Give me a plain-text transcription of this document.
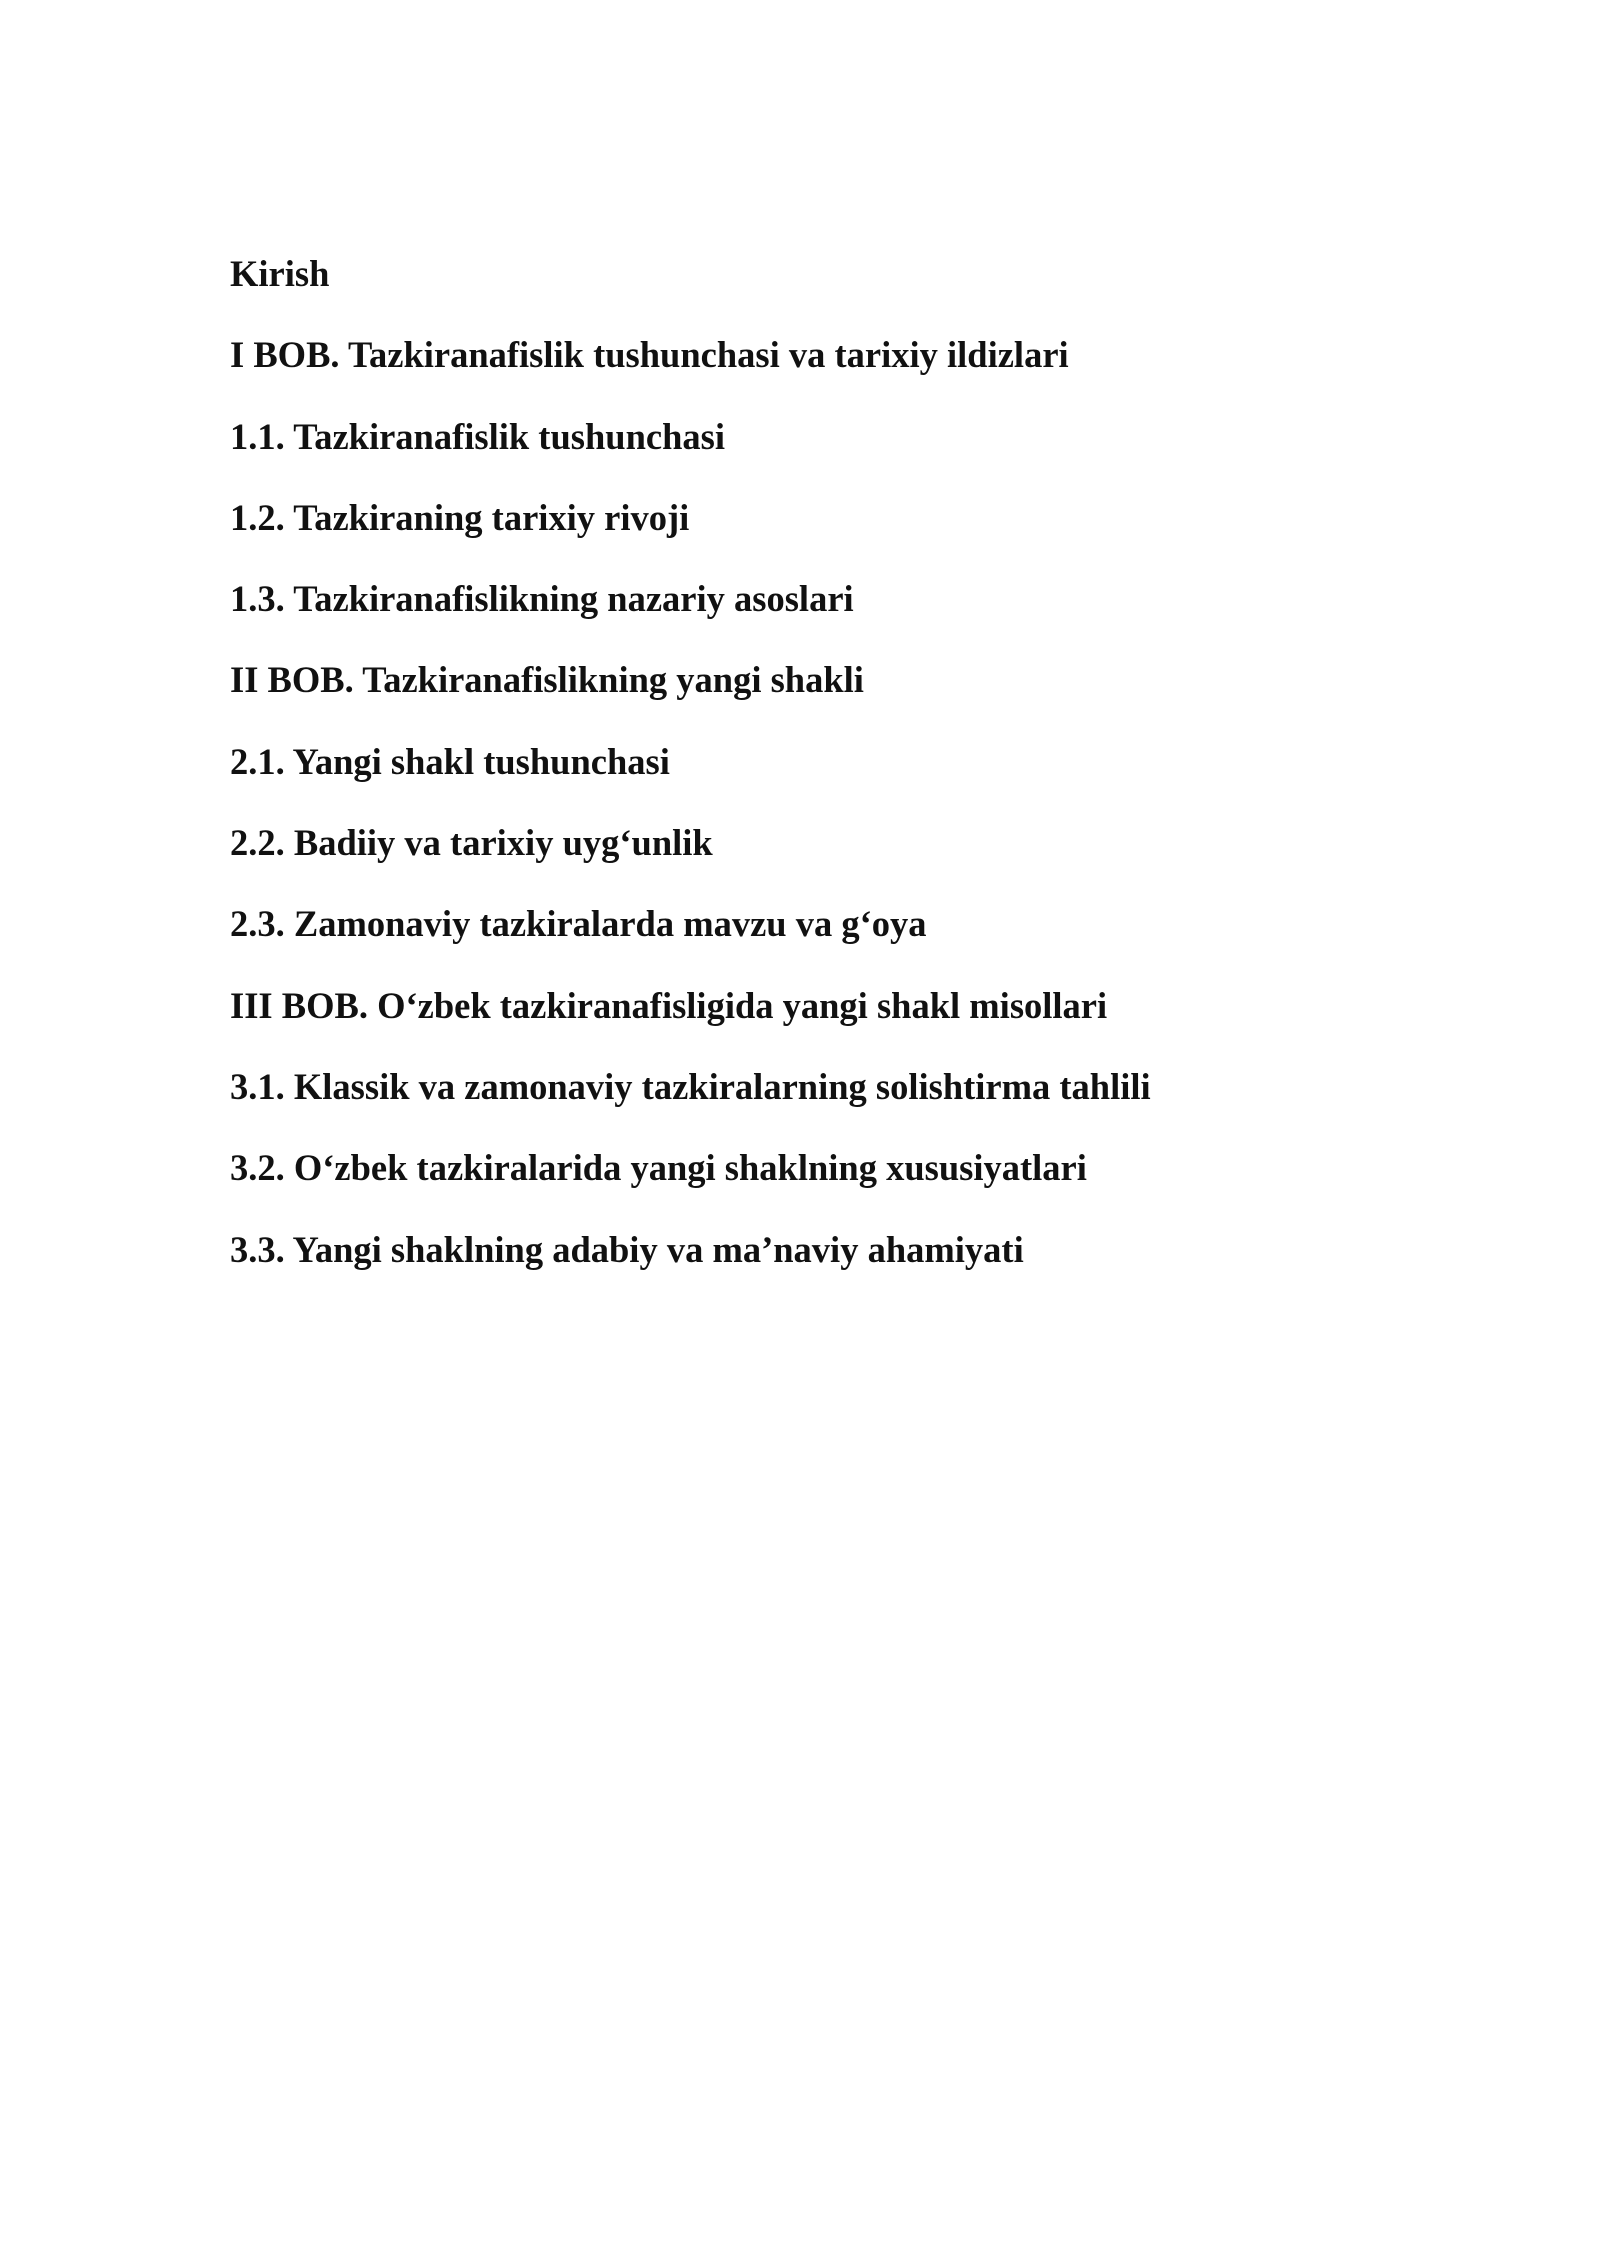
Kirish
I BOB. Tazkiranafislik tushunchasi va tarixiy ildizlari
1.1. Tazkiranafislik tushunchasi
1.2. Tazkiraning tarixiy rivoji
1.3. Tazkiranafislikning nazariy asoslari
II BOB. Tazkiranafislikning yangi shakli
2.1. Yangi shakl tushunchasi
2.2. Badiiy va tarixiy uyg‘unlik
2.3. Zamonaviy tazkiralarda mavzu va g‘oya
III BOB. O‘zbek tazkiranafisligida yangi shakl misollari
3.1. Klassik va zamonaviy tazkiralarning solishtirma tahlili
3.2. O‘zbek tazkiralarida yangi shaklning xususiyatlari
3.3. Yangi shaklning adabiy va ma’naviy ahamiyati
